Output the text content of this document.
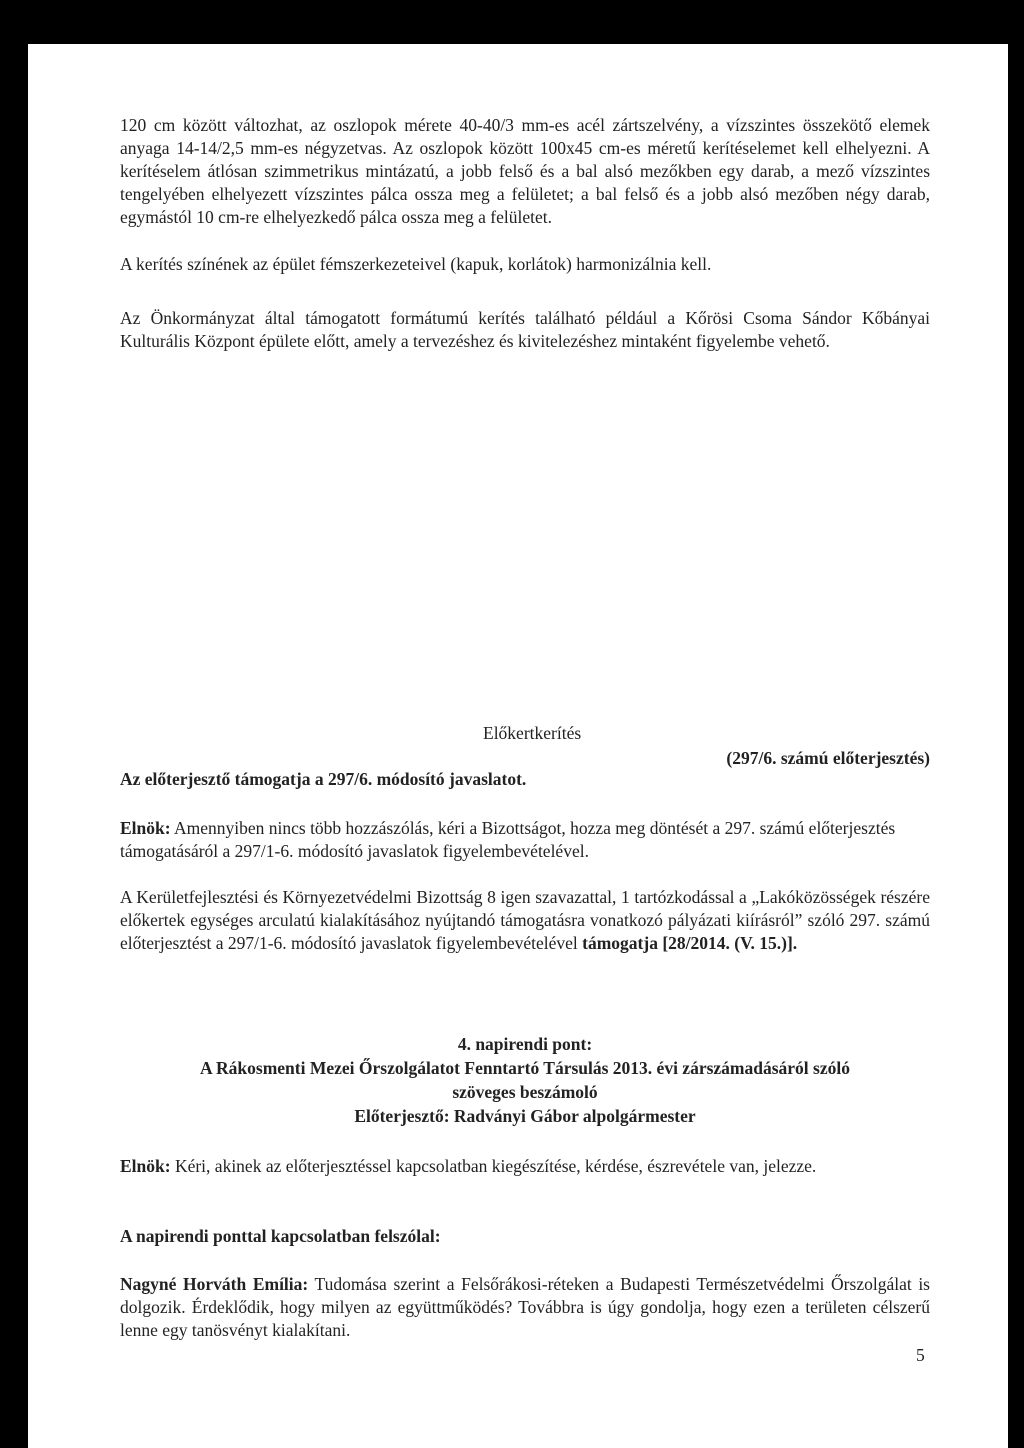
120 cm között változhat, az oszlopok mérete 40-40/3 mm-es acél zártszelvény, a vízszintes összekötő elemek anyaga 14-14/2,5 mm-es négyzetvas. Az oszlopok között 100x45 cm-es méretű kerítéselemet kell elhelyezni. A kerítéselem átlósan szimmetrikus mintázatú, a jobb felső és a bal alsó mezőkben egy darab, a mező vízszintes tengelyében elhelyezett vízszintes pálca ossza meg a felületet; a bal felső és a jobb alsó mezőben négy darab, egymástól 10 cm-re elhelyezkedő pálca ossza meg a felületet.

A kerítés színének az épület fémszerkezeteivel (kapuk, korlátok) harmonizálnia kell.

Az Önkormányzat által támogatott formátumú kerítés található például a Kőrösi Csoma Sándor Kőbányai Kulturális Központ épülete előtt, amely a tervezéshez és kivitelezéshez mintaként figyelembe vehető.

Előkertkerítés

Az előterjesztő támogatja a 297/6. módosító javaslatot.

(297/6. számú előterjesztés)

Elnök: Amennyiben nincs több hozzászólás, kéri a Bizottságot, hozza meg döntését a 297. számú előterjesztés támogatásáról a 297/1-6. módosító javaslatok figyelembevételével.

A Kerületfejlesztési és Környezetvédelmi Bizottság 8 igen szavazattal, 1 tartózkodással a „Lakóközösségek részére előkertek egységes arculatú kialakításához nyújtandó támogatásra vonatkozó pályázati kiírásról” szóló 297. számú előterjesztést a 297/1-6. módosító javaslatok figyelembevételével támogatja [28/2014. (V. 15.)].

4. napirendi pont:

A Rákosmenti Mezei Őrszolgálatot Fenntartó Társulás 2013. évi zárszámadásáról szóló

szöveges beszámoló

Előterjesztő: Radványi Gábor alpolgármester

Elnök: Kéri, akinek az előterjesztéssel kapcsolatban kiegészítése, kérdése, észrevétele van, jelezze.

A napirendi ponttal kapcsolatban felszólal:

Nagyné Horváth Emília: Tudomása szerint a Felsőrákosi-réteken a Budapesti Természetvédelmi Őrszolgálat is dolgozik. Érdeklődik, hogy milyen az együttműködés? Továbbra is úgy gondolja, hogy ezen a területen célszerű lenne egy tanösvényt kialakítani.

5
